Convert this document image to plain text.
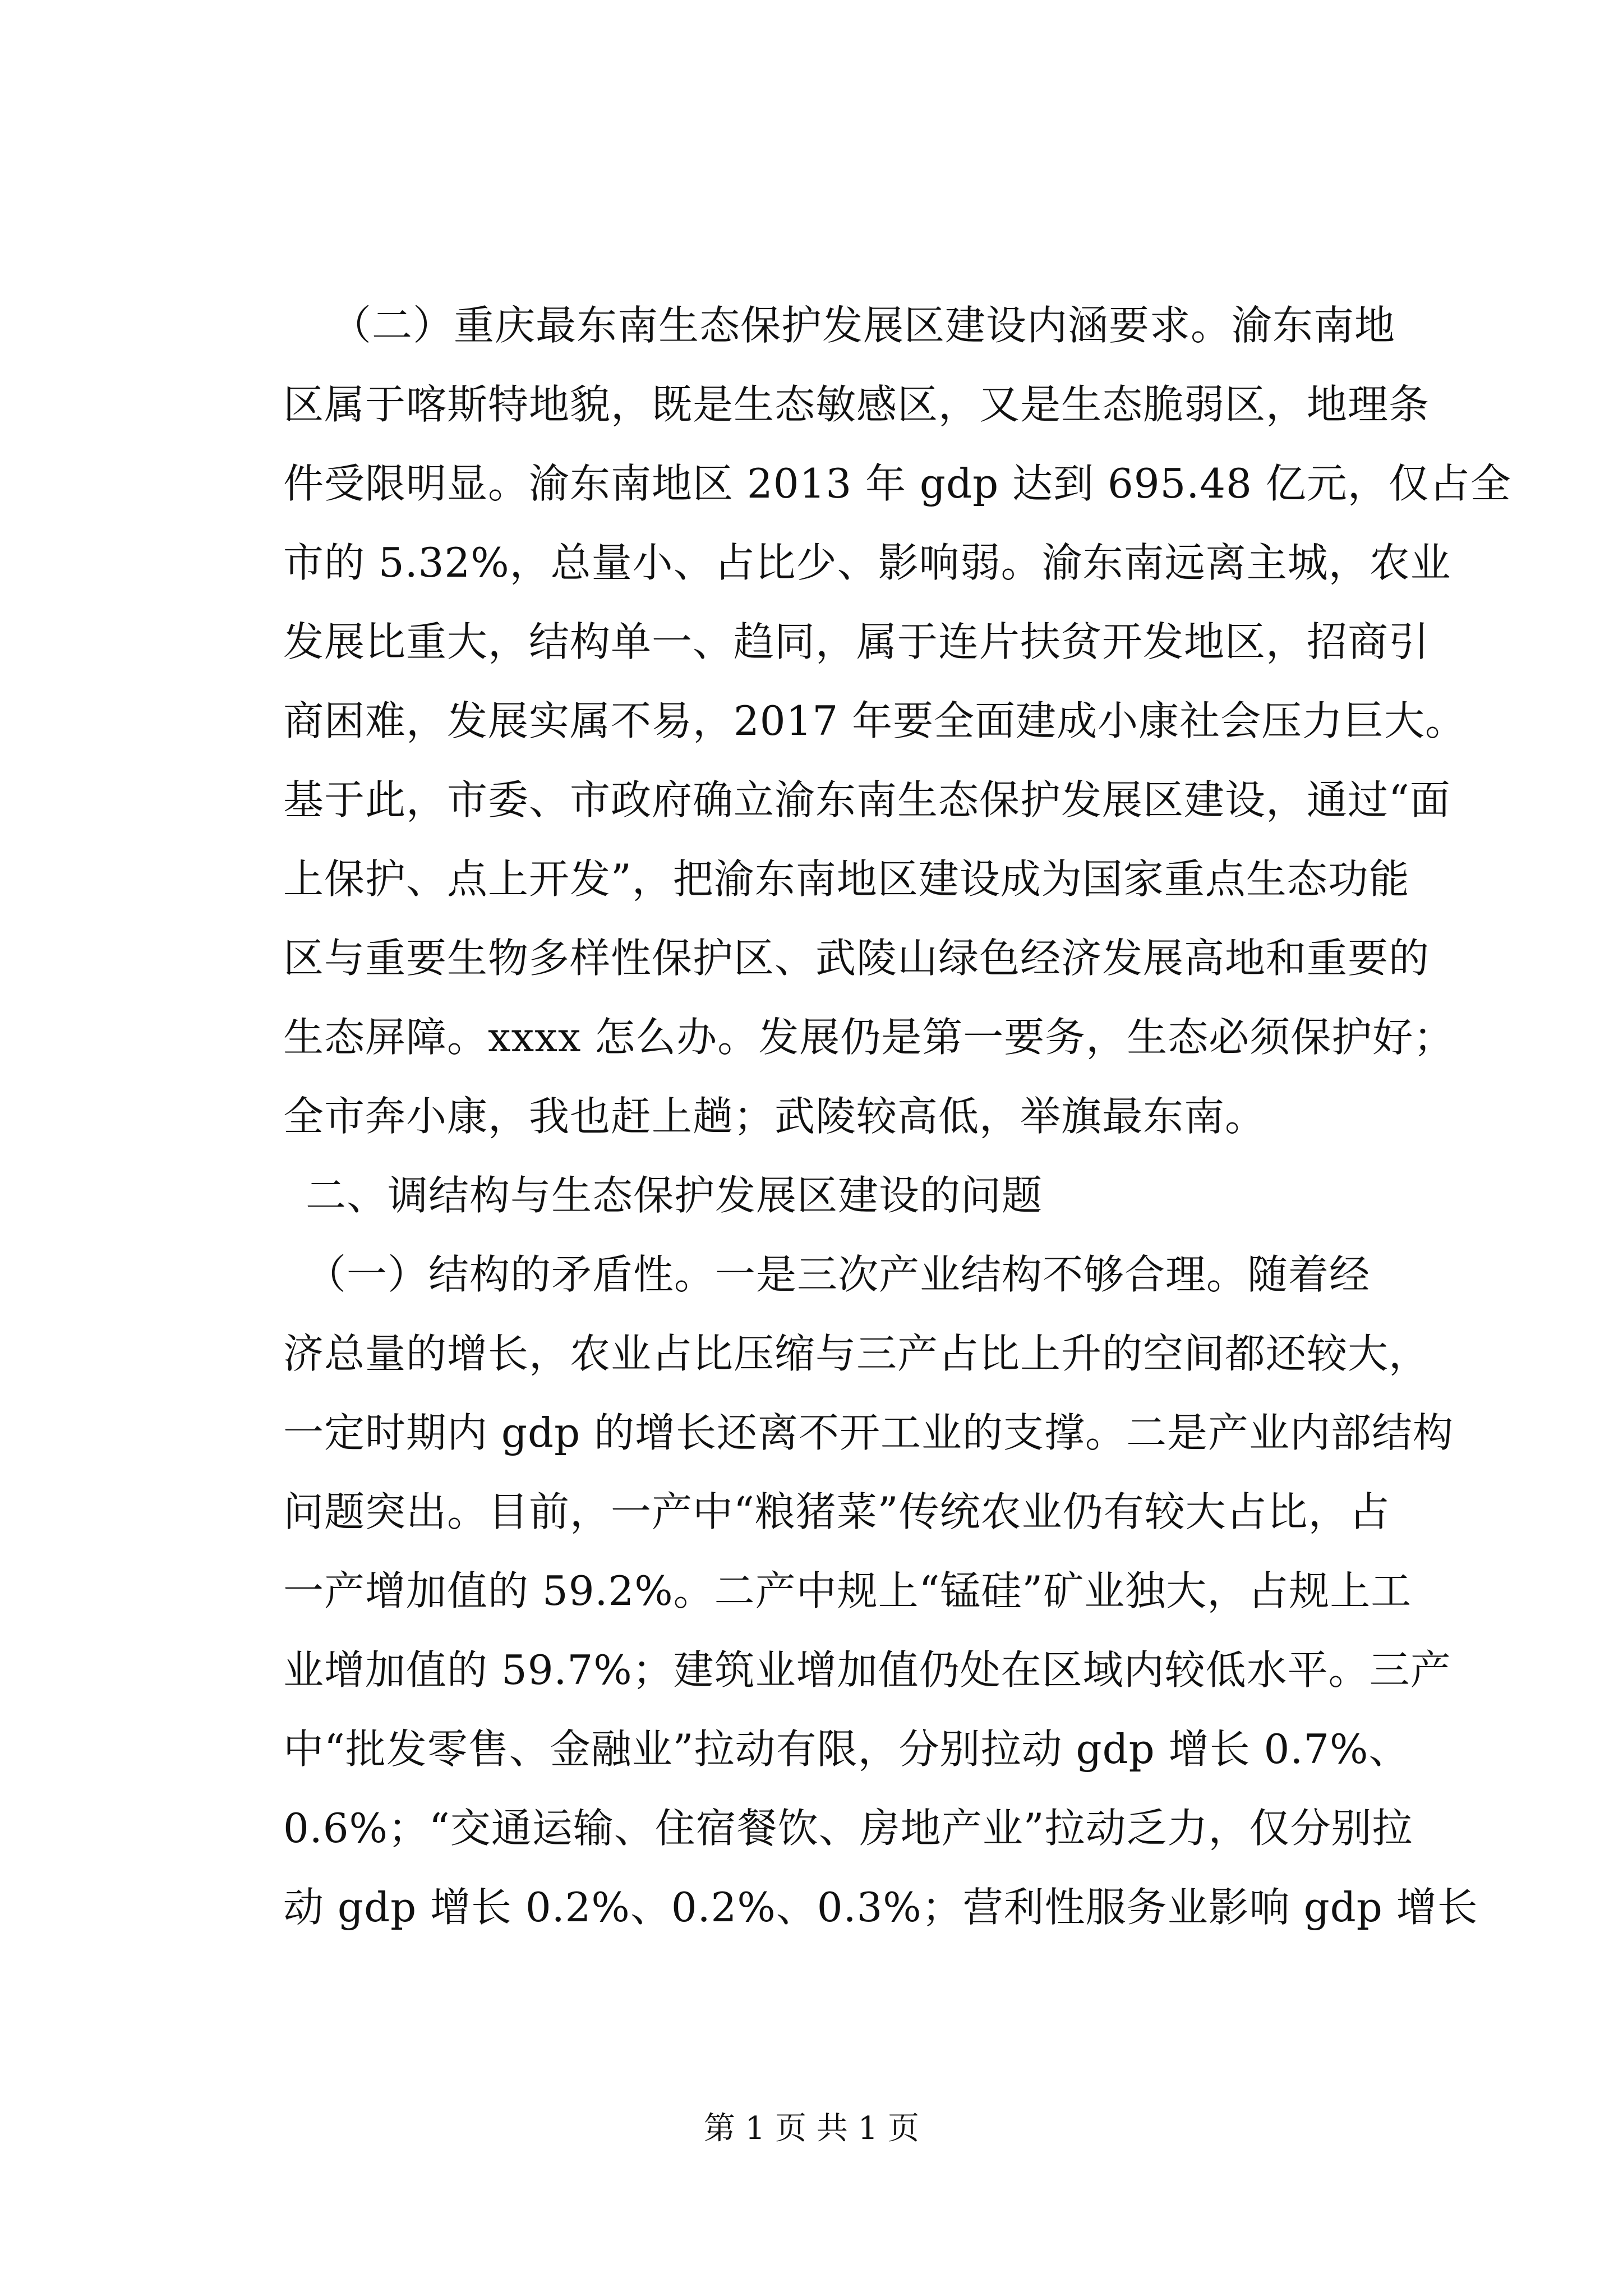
（二）重庆最东南生态保护发展区建设内涵要求。渝东南地
区属于喀斯特地貌，既是生态敏感区，又是生态脆弱区，地理条
件受限明显。渝东南地区 2013 年 gdp 达到 695.48 亿元，仅占全
市的 5.32%，总量小、占比少、影响弱。渝东南远离主城，农业
发展比重大，结构单一、趋同，属于连片扶贫开发地区，招商引
商困难，发展实属不易，2017 年要全面建成小康社会压力巨大。
基于此，市委、市政府确立渝东南生态保护发展区建设，通过“面
上保护、点上开发”，把渝东南地区建设成为国家重点生态功能
区与重要生物多样性保护区、武陵山绿色经济发展高地和重要的
生态屏障。xxxx 怎么办。发展仍是第一要务，生态必须保护好；
全市奔小康，我也赶上趟；武陵较高低，举旗最东南。
二、调结构与生态保护发展区建设的问题
（一）结构的矛盾性。一是三次产业结构不够合理。随着经
济总量的增长，农业占比压缩与三产占比上升的空间都还较大，
一定时期内 gdp 的增长还离不开工业的支撑。二是产业内部结构
问题突出。目前，一产中“粮猪菜”传统农业仍有较大占比，占
一产增加值的 59.2%。二产中规上“锰硅”矿业独大，占规上工
业增加值的 59.7%；建筑业增加值仍处在区域内较低水平。三产
中“批发零售、金融业”拉动有限，分别拉动 gdp 增长 0.7%、
0.6%；“交通运输、住宿餐饮、房地产业”拉动乏力，仅分别拉
动 gdp 增长 0.2%、0.2%、0.3%；营利性服务业影响 gdp 增长
第 1 页 共 1 页
